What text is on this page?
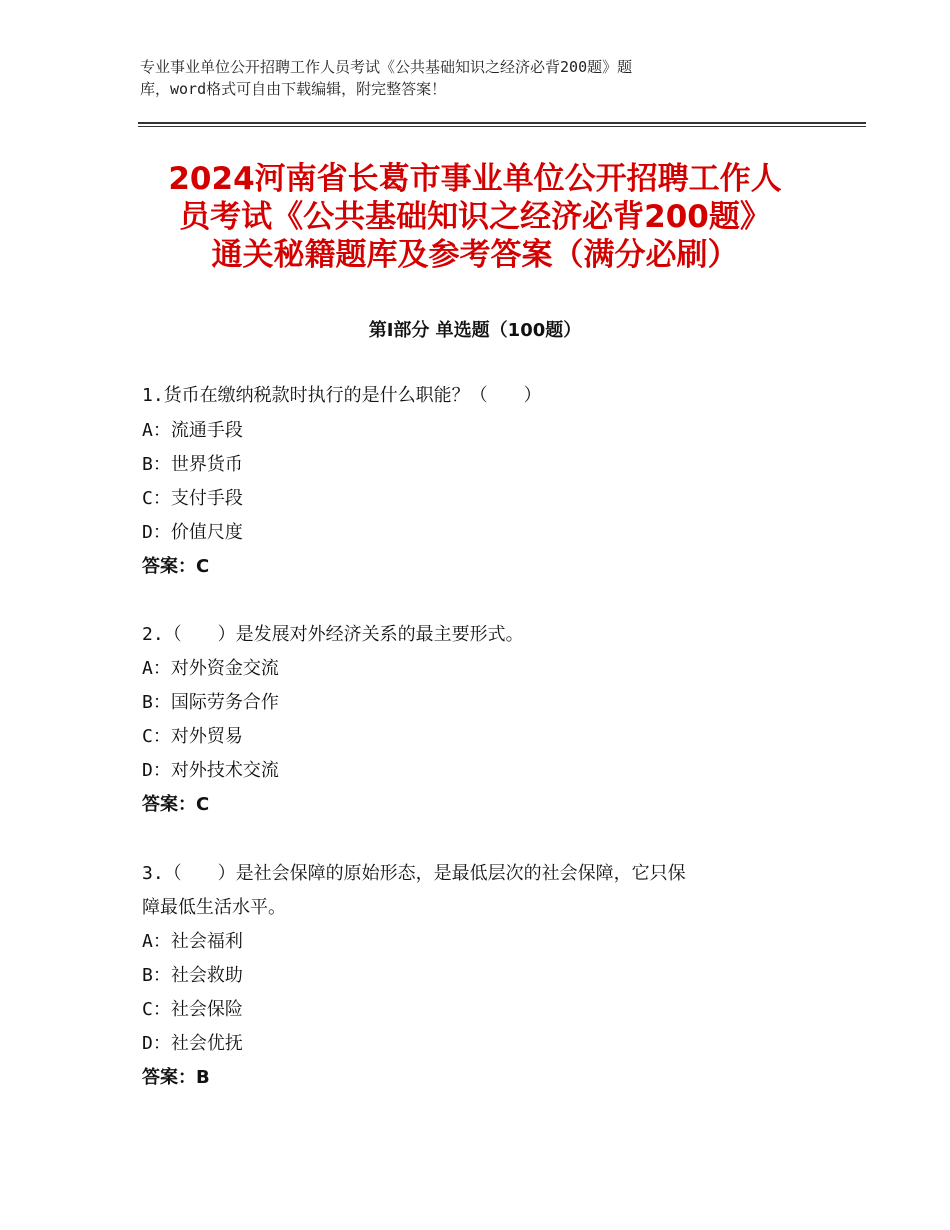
专业事业单位公开招聘工作人员考试《公共基础知识之经济必背200题》题
库，word格式可自由下载编辑，附完整答案！
2024河南省长葛市事业单位公开招聘工作人
员考试《公共基础知识之经济必背200题》
通关秘籍题库及参考答案（满分必刷）
第Ⅰ部分 单选题（100题）
1.货币在缴纳税款时执行的是什么职能？（　　）
A：流通手段
B：世界货币
C：支付手段
D：价值尺度
答案：C
2.（　　）是发展对外经济关系的最主要形式。
A：对外资金交流
B：国际劳务合作
C：对外贸易
D：对外技术交流
答案：C
3.（　　）是社会保障的原始形态，是最低层次的社会保障，它只保
障最低生活水平。
A：社会福利
B：社会救助
C：社会保险
D：社会优抚
答案：B
